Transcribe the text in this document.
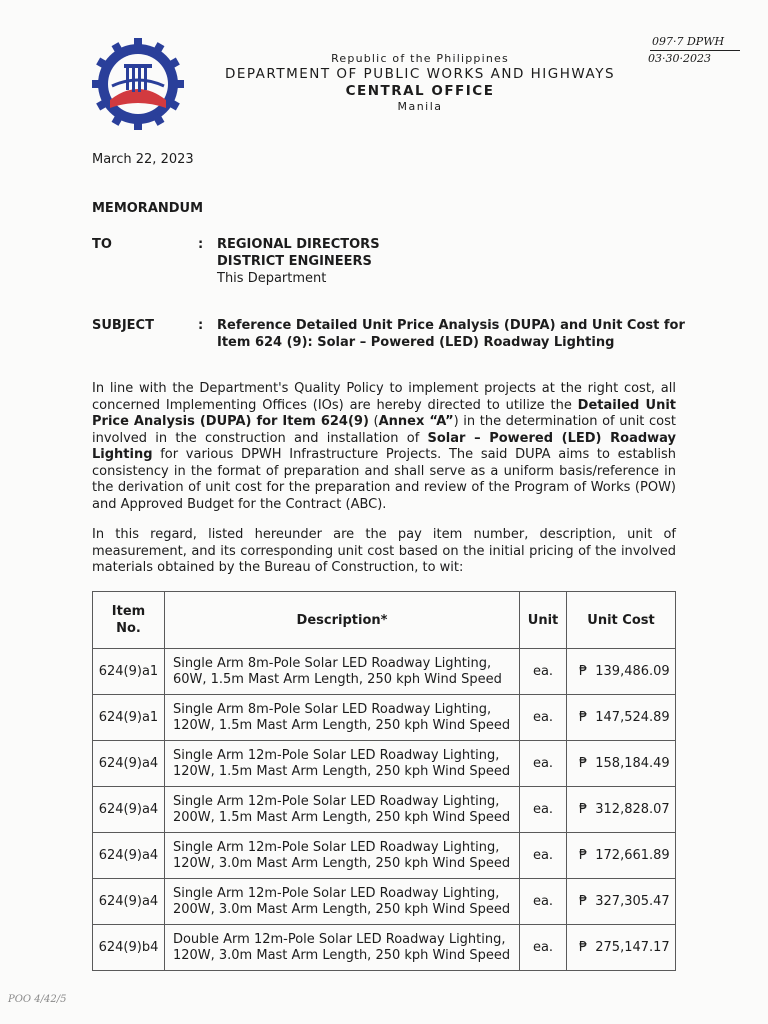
097·7 DPWH
03·30·2023
Republic of the Philippines
DEPARTMENT OF PUBLIC WORKS AND HIGHWAYS
CENTRAL OFFICE
Manila
March 22, 2023
MEMORANDUM
TO	: REGIONAL DIRECTORS
DISTRICT ENGINEERS
This Department
SUBJECT	: Reference Detailed Unit Price Analysis (DUPA) and Unit Cost for
Item 624 (9): Solar – Powered (LED) Roadway Lighting
In line with the Department's Quality Policy to implement projects at the right cost, all concerned Implementing Offices (IOs) are hereby directed to utilize the Detailed Unit Price Analysis (DUPA) for Item 624(9) (Annex “A”) in the determination of unit cost involved in the construction and installation of Solar – Powered (LED) Roadway Lighting for various DPWH Infrastructure Projects. The said DUPA aims to establish consistency in the format of preparation and shall serve as a uniform basis/reference in the derivation of unit cost for the preparation and review of the Program of Works (POW) and Approved Budget for the Contract (ABC).
In this regard, listed hereunder are the pay item number, description, unit of measurement, and its corresponding unit cost based on the initial pricing of the involved materials obtained by the Bureau of Construction, to wit:
Item
No.	Description*	Unit	Unit Cost
624(9)a1	Single Arm 8m-Pole Solar LED Roadway Lighting,
60W, 1.5m Mast Arm Length, 250 kph Wind Speed	ea.	₱ 139,486.09
624(9)a1	Single Arm 8m-Pole Solar LED Roadway Lighting,
120W, 1.5m Mast Arm Length, 250 kph Wind Speed	ea.	₱ 147,524.89
624(9)a4	Single Arm 12m-Pole Solar LED Roadway Lighting,
120W, 1.5m Mast Arm Length, 250 kph Wind Speed	ea.	₱ 158,184.49
624(9)a4	Single Arm 12m-Pole Solar LED Roadway Lighting,
200W, 1.5m Mast Arm Length, 250 kph Wind Speed	ea.	₱ 312,828.07
624(9)a4	Single Arm 12m-Pole Solar LED Roadway Lighting,
120W, 3.0m Mast Arm Length, 250 kph Wind Speed	ea.	₱ 172,661.89
624(9)a4	Single Arm 12m-Pole Solar LED Roadway Lighting,
200W, 3.0m Mast Arm Length, 250 kph Wind Speed	ea.	₱ 327,305.47
624(9)b4	Double Arm 12m-Pole Solar LED Roadway Lighting,
120W, 3.0m Mast Arm Length, 250 kph Wind Speed	ea.	₱ 275,147.17
POO 4/42/5
